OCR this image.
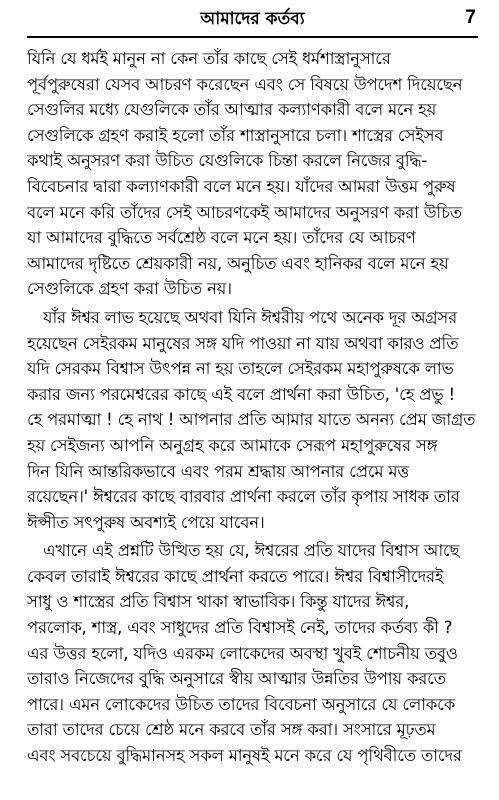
আমাদের কর্তব্য	7
যিনি যে ধর্মই মানুন না কেন তাঁর কাছে সেই ধর্মশাস্ত্রানুসারে
পূর্বপুরুষেরা যেসব আচরণ করেছেন এবং সে বিষয়ে উপদেশ দিয়েছেন
সেগুলির মধ্যে যেগুলিকে তাঁর আত্মার কল্যাণকারী বলে মনে হয়
সেগুলিকে গ্রহণ করাই হলো তাঁর শাস্ত্রানুসারে চলা। শাস্ত্রের সেইসব
কথাই অনুসরণ করা উচিত যেগুলিকে চিন্তা করলে নিজের বুদ্ধি-
বিবেচনার দ্বারা কল্যাণকারী বলে মনে হয়। যাঁদের আমরা উত্তম পুরুষ
বলে মনে করি তাঁদের সেই আচরণকেই আমাদের অনুসরণ করা উচিত
যা আমাদের বুদ্ধিতে সর্বশ্রেষ্ঠ বলে মনে হয়। তাঁদের যে আচরণ
আমাদের দৃষ্টিতে শ্রেয়কারী নয়, অনুচিত এবং হানিকর বলে মনে হয়
সেগুলিকে গ্রহণ করা উচিত নয়।
যাঁর ঈশ্বর লাভ হয়েছে অথবা যিনি ঈশ্বরীয় পথে অনেক দূর অগ্রসর
হয়েছেন সেইরকম মানুষের সঙ্গ যদি পাওয়া না যায় অথবা কারও প্রতি
যদি সেরকম বিশ্বাস উৎপন্ন না হয় তাহলে সেইরকম মহাপুরুষকে লাভ
করার জন্য পরমেশ্বরের কাছে এই বলে প্রার্থনা করা উচিত, 'হে প্রভু !
হে পরমাত্মা ! হে নাথ ! আপনার প্রতি আমার যাতে অনন্য প্রেম জাগ্রত
হয় সেইজন্য আপনি অনুগ্রহ করে আমাকে সেরূপ মহাপুরুষের সঙ্গ
দিন যিনি আন্তরিকভাবে এবং পরম শ্রদ্ধায় আপনার প্রেমে মত্ত
রয়েছেন।' ঈশ্বরের কাছে বারবার প্রার্থনা করলে তাঁর কৃপায় সাধক তার
ঈপ্সীত সৎপুরুষ অবশ্যই পেয়ে যাবেন।
এখানে এই প্রশ্নটি উত্থিত হয় যে, ঈশ্বরের প্রতি যাদের বিশ্বাস আছে
কেবল তারাই ঈশ্বরের কাছে প্রার্থনা করতে পারে। ঈশ্বর বিশ্বাসীদেরই
সাধু ও শাস্ত্রের প্রতি বিশ্বাস থাকা স্বাভাবিক। কিন্তু যাদের ঈশ্বর,
পরলোক, শাস্ত্র, এবং সাধুদের প্রতি বিশ্বাসই নেই, তাদের কর্তব্য কী ?
এর উত্তর হলো, যদিও এরকম লোকেদের অবস্থা খুবই শোচনীয় তবুও
তারাও নিজেদের বুদ্ধি অনুসারে স্বীয় আত্মার উন্নতির উপায় করতে
পারে। এমন লোকেদের উচিত তাদের বিবেচনা অনুসারে যে লোককে
তারা তাদের চেয়ে শ্রেষ্ঠ মনে করবে তাঁর সঙ্গ করা। সংসারে মূঢ়তম
এবং সবচেয়ে বুদ্ধিমানসহ সকল মানুষই মনে করে যে পৃথিবীতে তাদের
